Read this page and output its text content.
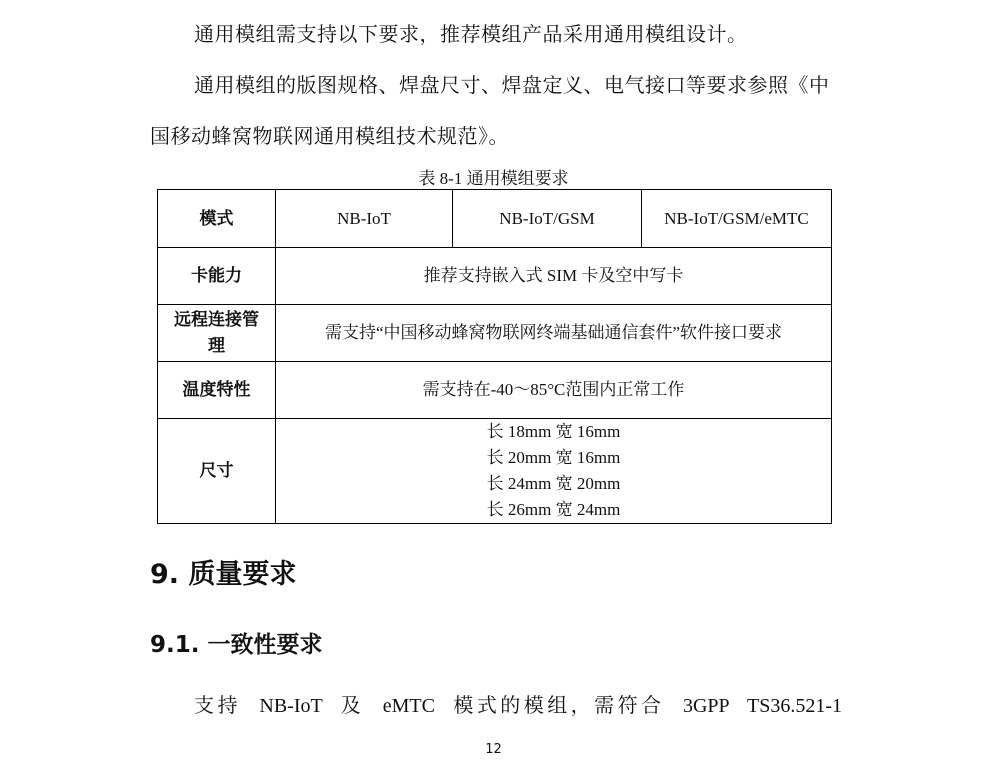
通用模组需支持以下要求，推荐模组产品采用通用模组设计。
通用模组的版图规格、焊盘尺寸、焊盘定义、电气接口等要求参照《中国移动蜂窝物联网通用模组技术规范》。
表 8-1 通用模组要求
模式	NB-IoT	NB-IoT/GSM	NB-IoT/GSM/eMTC
卡能力	推荐支持嵌入式 SIM 卡及空中写卡		
远程连接管理	需支持“中国移动蜂窝物联网终端基础通信套件”软件接口要求		
温度特性	需支持在-40～85°C范围内正常工作		
尺寸	长 18mm 宽 16mm
长 20mm 宽 16mm
长 24mm 宽 20mm
长 26mm 宽 24mm		
9. 质量要求
9.1. 一致性要求
支持 NB-IoT 及 eMTC 模式的模组，需符合 3GPP TS36.521-1
12
